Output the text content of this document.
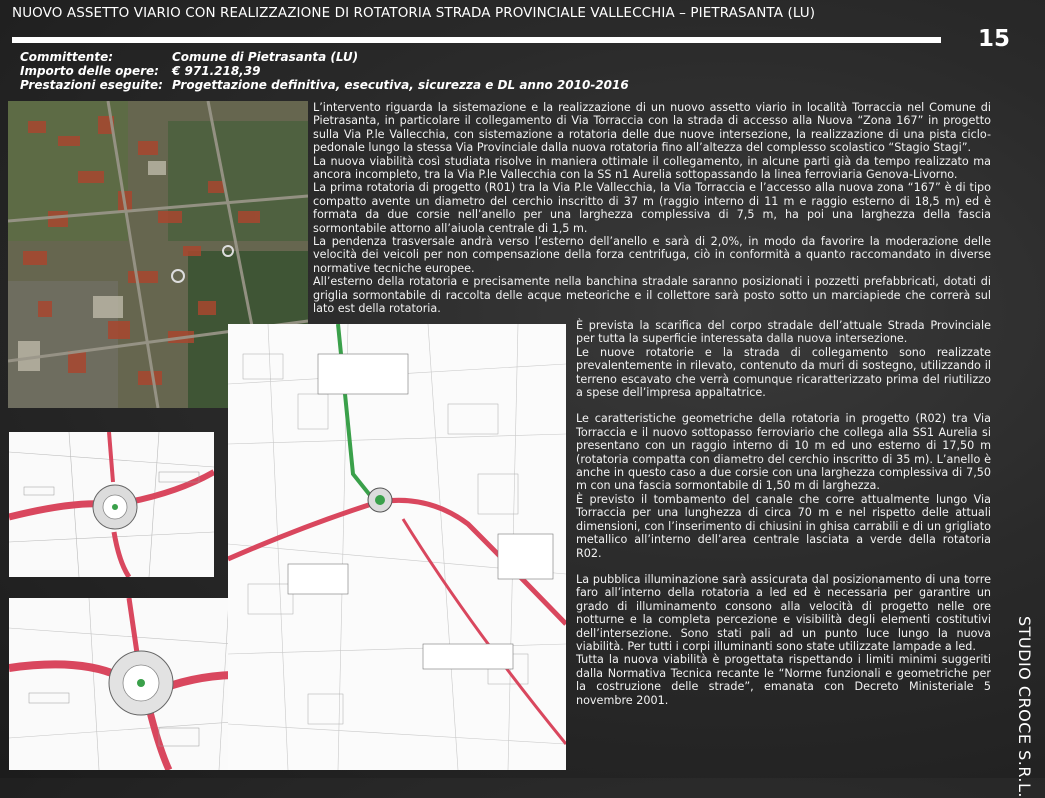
NUOVO ASSETTO VIARIO CON REALIZZAZIONE DI ROTATORIA STRADA PROVINCIALE VALLECCHIA – PIETRASANTA (LU)
15
Committente:	Comune di Pietrasanta (LU)
Importo delle opere:	€ 971.218,39
Prestazioni eseguite: Progettazione definitiva, esecutiva, sicurezza e DL anno 2010-2016

L’intervento riguarda la sistemazione e la realizzazione di un nuovo assetto viario in località Torraccia nel Comune di Pietrasanta, in particolare il collegamento di Via Torraccia con la strada di accesso alla Nuova “Zona 167” in progetto sulla Via P.le Vallecchia, con sistemazione a rotatoria delle due nuove intersezione, la realizzazione di una pista ciclo-pedonale lungo la stessa Via Provinciale dalla nuova rotatoria fino all’altezza del complesso scolastico “Stagio Stagi”.

La nuova viabilità così studiata risolve in maniera ottimale il collegamento, in alcune parti già da tempo realizzato ma ancora incompleto, tra la Via P.le Vallecchia con la SS n1 Aurelia sottopassando la linea ferroviaria Genova-Livorno.

La prima rotatoria di progetto (R01) tra la Via P.le Vallecchia, la Via Torraccia e l’accesso alla nuova zona “167” è di tipo compatto avente un diametro del cerchio inscritto di 37 m (raggio interno di 11 m e raggio esterno di 18,5 m) ed è formata da due corsie nell’anello per una larghezza complessiva di 7,5 m, ha poi una larghezza della fascia sormontabile attorno all’aiuola centrale di 1,5 m.

La pendenza trasversale andrà verso l’esterno dell’anello e sarà di 2,0%, in modo da favorire la moderazione delle velocità dei veicoli per non compensazione della forza centrifuga, ciò in conformità a quanto raccomandato in diverse normative tecniche europee.

All’esterno della rotatoria e precisamente nella banchina stradale saranno posizionati i pozzetti prefabbricati, dotati di griglia sormontabile di raccolta delle acque meteoriche e il collettore sarà posto sotto un marciapiede che correrà sul lato est della rotatoria.

È prevista la scarifica del corpo stradale dell’attuale Strada Provinciale per tutta la superficie interessata dalla nuova intersezione.

Le nuove rotatorie e la strada di collegamento sono realizzate prevalentemente in rilevato, contenuto da muri di sostegno, utilizzando il terreno escavato che verrà comunque ricaratterizzato prima del riutilizzo a spese dell’impresa appaltatrice.

Le caratteristiche geometriche della rotatoria in progetto (R02) tra Via Torraccia e il nuovo sottopasso ferroviario che collega alla SS1 Aurelia si presentano con un raggio interno di 10 m ed uno esterno di 17,50 m (rotatoria compatta con diametro del cerchio inscritto di 35 m). L’anello è anche in questo caso a due corsie con una larghezza complessiva di 7,50 m con una fascia sormontabile di 1,50 m di larghezza.

È previsto il tombamento del canale che corre attualmente lungo Via Torraccia per una lunghezza di circa 70 m e nel rispetto delle attuali dimensioni, con l’inserimento di chiusini in ghisa carrabili e di un grigliato metallico all’interno dell’area centrale lasciata a verde della rotatoria R02.

La pubblica illuminazione sarà assicurata dal posizionamento di una torre faro all’interno della rotatoria a led ed è necessaria per garantire un grado di illuminamento consono alla velocità di progetto nelle ore notturne e la completa percezione e visibilità degli elementi costitutivi dell’intersezione. Sono stati pali ad un punto luce lungo la nuova viabilità. Per tutti i corpi illuminanti sono state utilizzate lampade a led.

Tutta la nuova viabilità è progettata rispettando i limiti minimi suggeriti dalla Normativa Tecnica recante le “Norme funzionali e geometriche per la costruzione delle strade”, emanata con Decreto Ministeriale 5 novembre 2001.	STUDIO CROCE S.R.L.
